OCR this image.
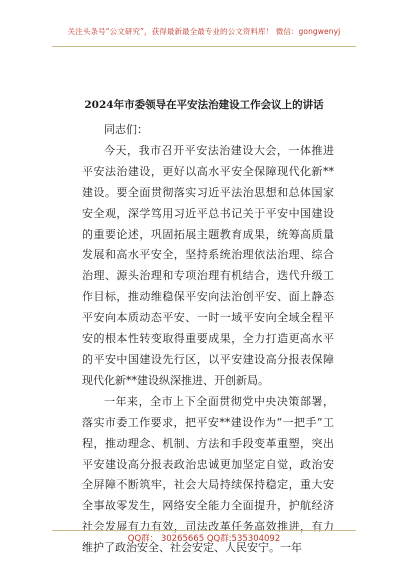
关注头条号“公文研究”，获得最新最全最专业的公文资料库！ 微信：gongwenyj
2024年市委领导在平安法治建设工作会议上的讲话

同志们：

今天，我市召开平安法治建设大会，一体推进平安法治建设，更好以高水平安全保障现代化新**建设。要全面贯彻落实习近平法治思想和总体国家安全观，深学笃用习近平总书记关于平安中国建设的重要论述，巩固拓展主题教育成果，统筹高质量发展和高水平安全，坚持系统治理依法治理、综合治理、源头治理和专项治理有机结合，迭代升级工作目标，推动维稳保平安向法治创平安、面上静态平安向本质动态平安、一时一域平安向全域全程平安的根本性转变取得重要成果，全力打造更高水平的平安中国建设先行区，以平安建设高分报表保障现代化新**建设纵深推进、开创新局。

一年来，全市上下全面贯彻党中央决策部署，落实市委工作要求，把平安**建设作为“一把手”工程，推动理念、机制、方法和手段变革重塑，突出平安建设高分报表政治忠诚更加坚定自觉，政治安全屏障不断筑牢，社会大局持续保持稳定，重大安全事故零发生，网络安全能力全面提升，护航经济社会发展有力有效，司法改革任务高效推进，有力维护了政治安全、社会安定、人民安宁。一年

QQ群： 30265665 QQ群:535304092
